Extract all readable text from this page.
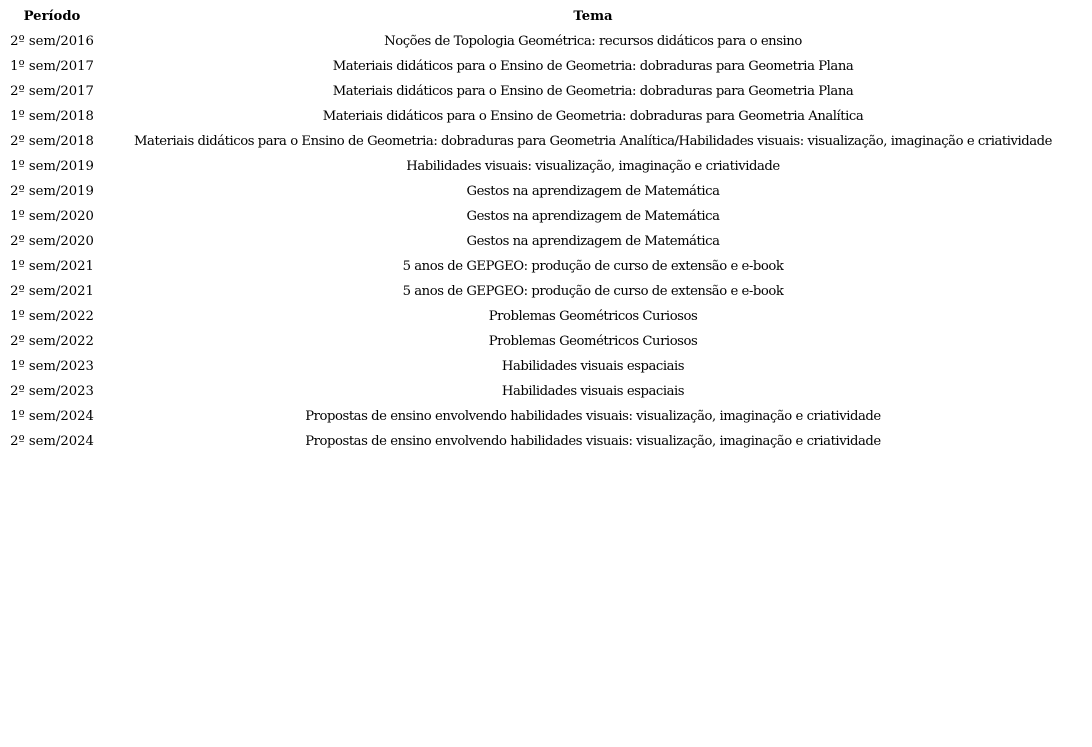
Período	Tema
2º sem/2016	Noções de Topologia Geométrica: recursos didáticos para o ensino
1º sem/2017	Materiais didáticos para o Ensino de Geometria: dobraduras para Geometria Plana
2º sem/2017	Materiais didáticos para o Ensino de Geometria: dobraduras para Geometria Plana
1º sem/2018	Materiais didáticos para o Ensino de Geometria: dobraduras para Geometria Analítica
2º sem/2018	Materiais didáticos para o Ensino de Geometria: dobraduras para Geometria Analítica/Habilidades visuais: visualização, imaginação e criatividade
1º sem/2019	Habilidades visuais: visualização, imaginação e criatividade
2º sem/2019	Gestos na aprendizagem de Matemática
1º sem/2020	Gestos na aprendizagem de Matemática
2º sem/2020	Gestos na aprendizagem de Matemática
1º sem/2021	5 anos de GEPGEO: produção de curso de extensão e e-book
2º sem/2021	5 anos de GEPGEO: produção de curso de extensão e e-book
1º sem/2022	Problemas Geométricos Curiosos
2º sem/2022	Problemas Geométricos Curiosos
1º sem/2023	Habilidades visuais espaciais
2º sem/2023	Habilidades visuais espaciais
1º sem/2024	Propostas de ensino envolvendo habilidades visuais: visualização, imaginação e criatividade
2º sem/2024	Propostas de ensino envolvendo habilidades visuais: visualização, imaginação e criatividade
